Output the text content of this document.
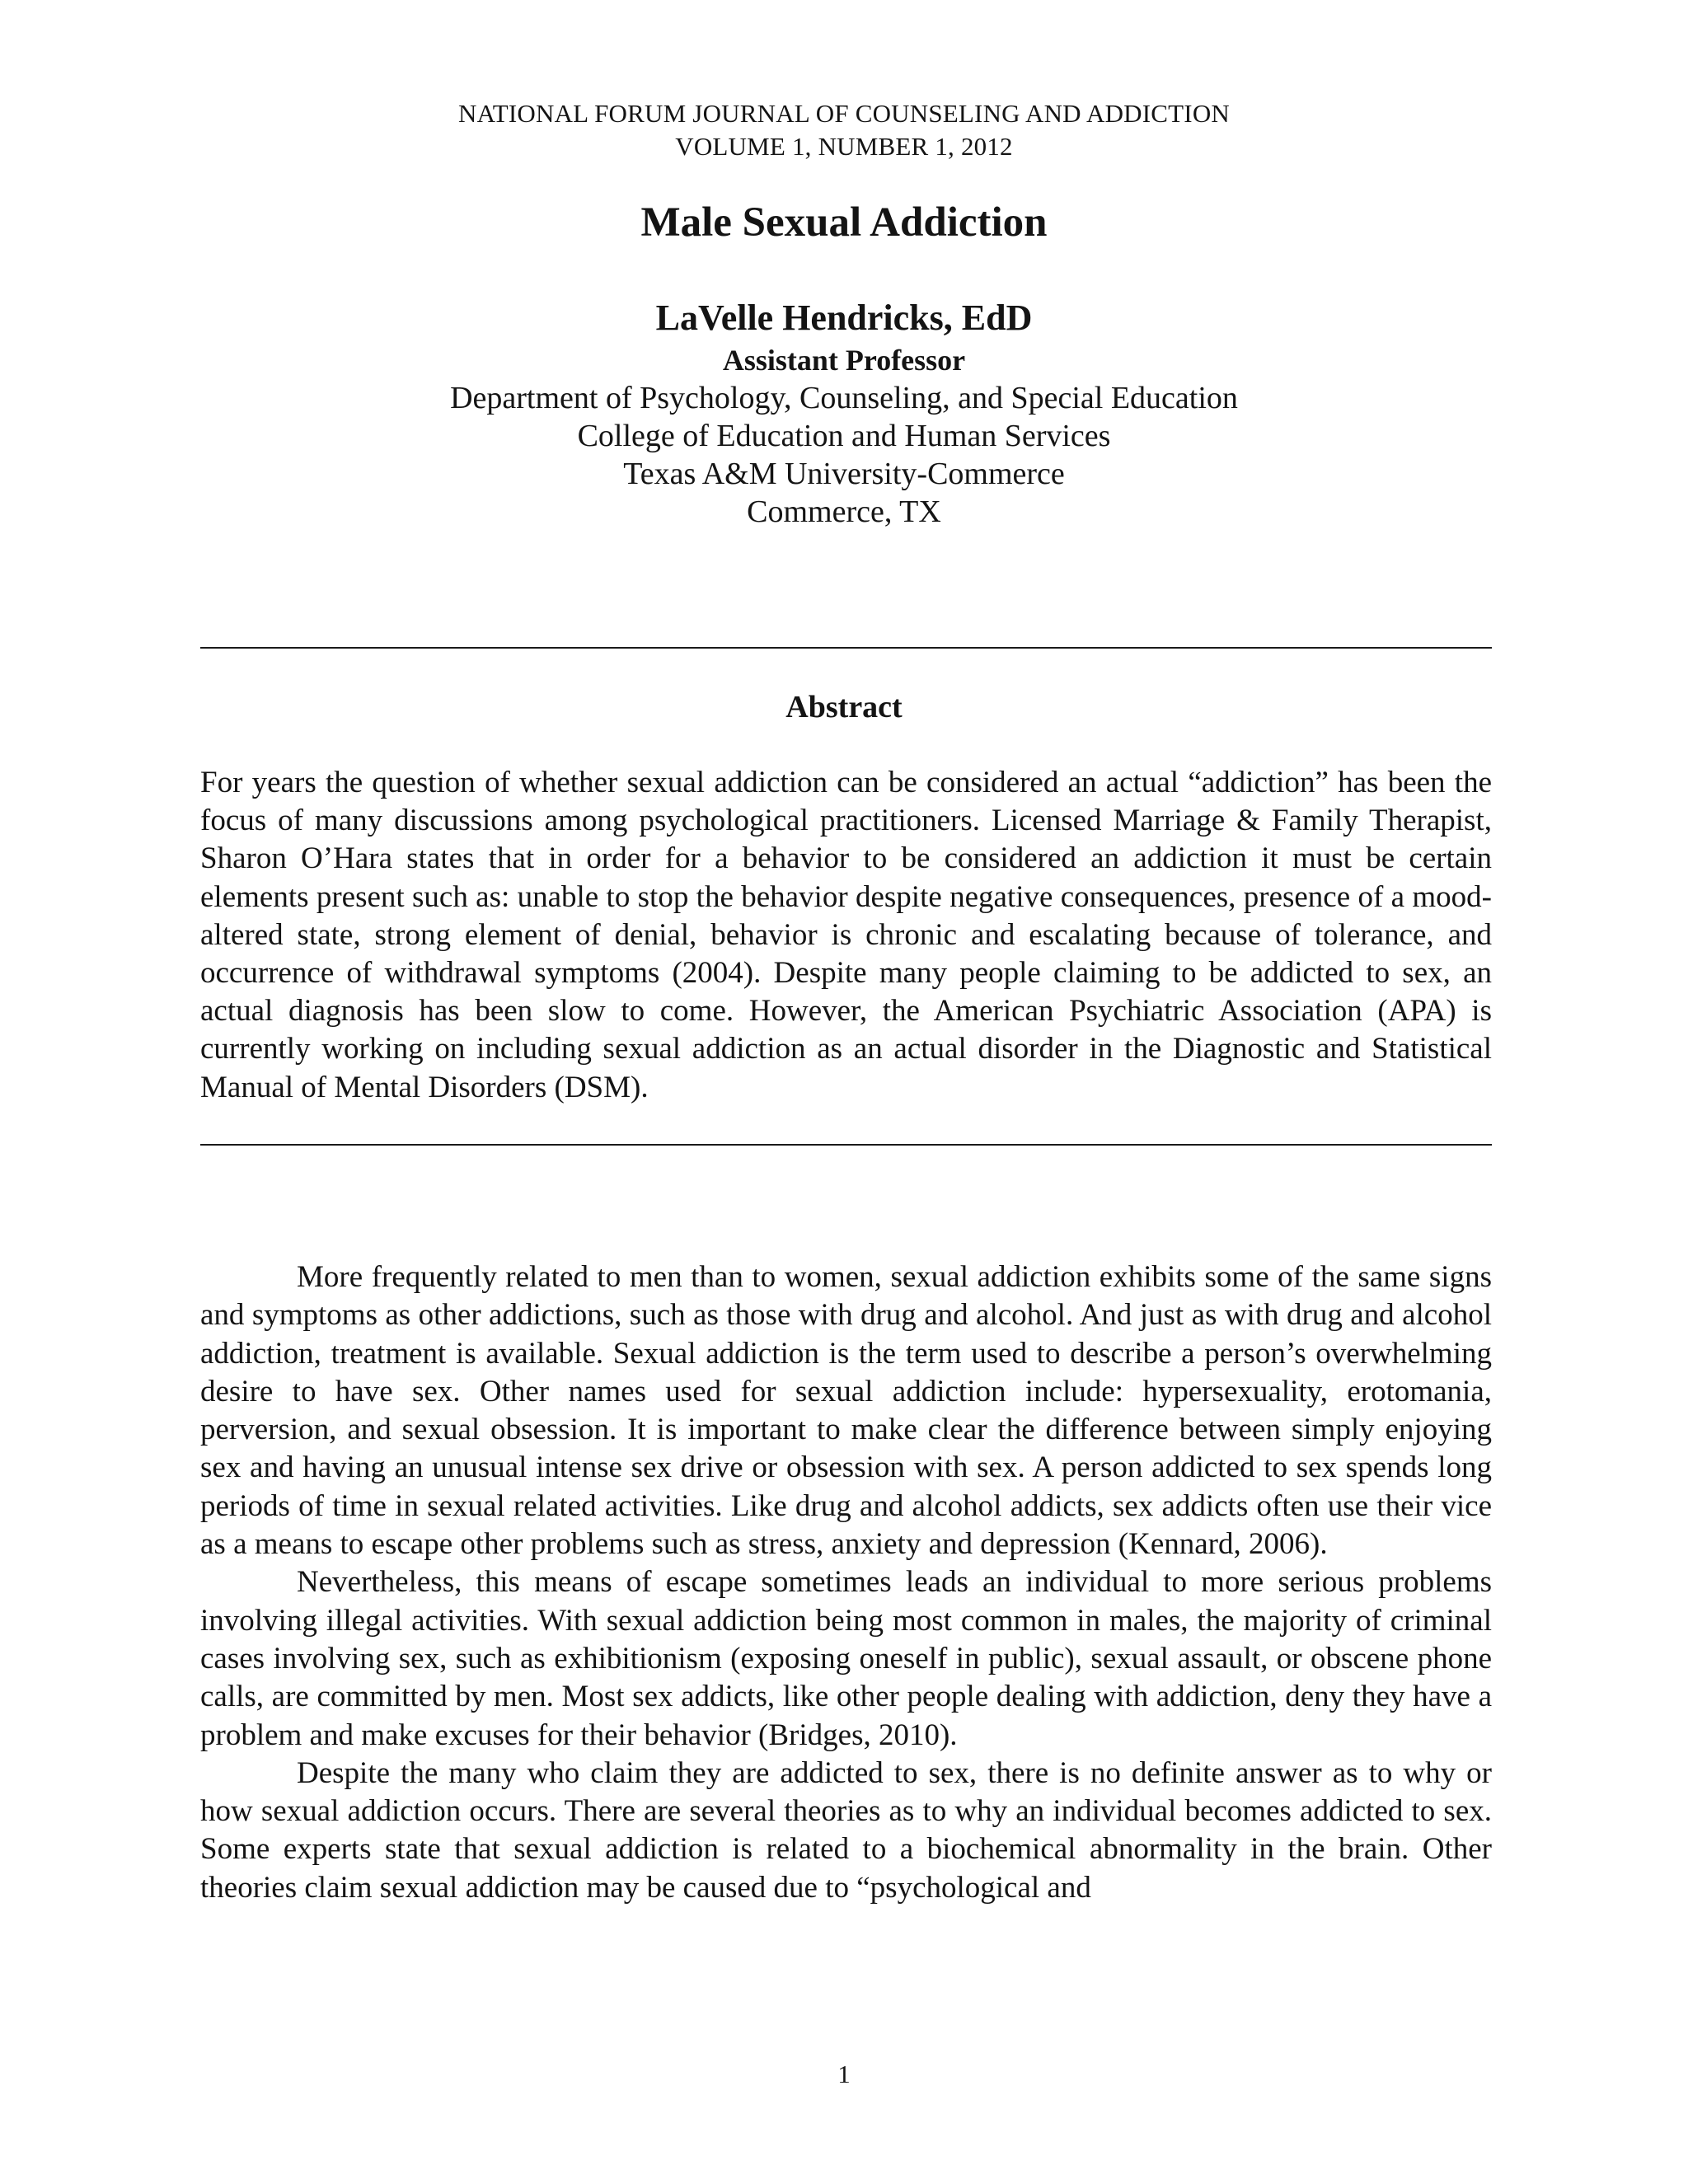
NATIONAL FORUM JOURNAL OF COUNSELING AND ADDICTION
VOLUME 1, NUMBER 1, 2012
Male Sexual Addiction
LaVelle Hendricks, EdD
Assistant Professor
Department of Psychology, Counseling, and Special Education
College of Education and Human Services
Texas A&M University-Commerce
Commerce, TX
Abstract

For years the question of whether sexual addiction can be considered an actual “addiction” has been the focus of many discussions among psychological practitioners. Licensed Marriage & Family Therapist, Sharon O’Hara states that in order for a behavior to be considered an addiction it must be certain elements present such as: unable to stop the behavior despite negative consequences, presence of a mood-altered state, strong element of denial, behavior is chronic and escalating because of tolerance, and occurrence of withdrawal symptoms (2004). Despite many people claiming to be addicted to sex, an actual diagnosis has been slow to come. However, the American Psychiatric Association (APA) is currently working on including sexual addiction as an actual disorder in the Diagnostic and Statistical Manual of Mental Disorders (DSM).

More frequently related to men than to women, sexual addiction exhibits some of the same signs and symptoms as other addictions, such as those with drug and alcohol. And just as with drug and alcohol addiction, treatment is available. Sexual addiction is the term used to describe a person’s overwhelming desire to have sex. Other names used for sexual addiction include: hypersexuality, erotomania, perversion, and sexual obsession. It is important to make clear the difference between simply enjoying sex and having an unusual intense sex drive or obsession with sex. A person addicted to sex spends long periods of time in sexual related activities. Like drug and alcohol addicts, sex addicts often use their vice as a means to escape other problems such as stress, anxiety and depression (Kennard, 2006).

Nevertheless, this means of escape sometimes leads an individual to more serious problems involving illegal activities. With sexual addiction being most common in males, the majority of criminal cases involving sex, such as exhibitionism (exposing oneself in public), sexual assault, or obscene phone calls, are committed by men. Most sex addicts, like other people dealing with addiction, deny they have a problem and make excuses for their behavior (Bridges, 2010).

Despite the many who claim they are addicted to sex, there is no definite answer as to why or how sexual addiction occurs. There are several theories as to why an individual becomes addicted to sex. Some experts state that sexual addiction is related to a biochemical abnormality in the brain. Other theories claim sexual addiction may be caused due to “psychological and

1
